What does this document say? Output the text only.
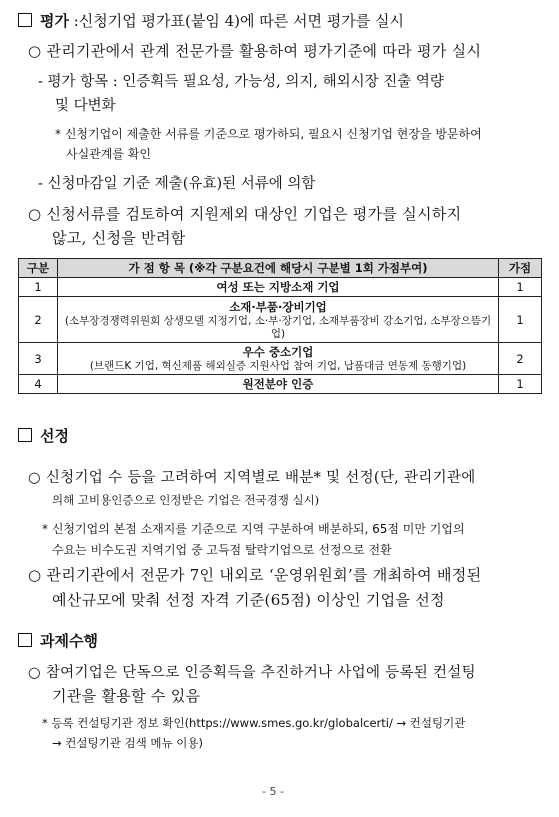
평가 :신청기업 평가표(붙임 4)에 따른 서면 평가를 실시
○ 관리기관에서 관계 전문가를 활용하여 평가기준에 따라 평가 실시
- 평가 항목 : 인증획득 필요성, 가능성, 의지, 해외시장 진출 역량
및 다변화
* 신청기업이 제출한 서류를 기준으로 평가하되, 필요시 신청기업 현장을 방문하여
사실관계를 확인
- 신청마감일 기준 제출(유효)된 서류에 의함
○ 신청서류를 검토하여 지원제외 대상인 기업은 평가를 실시하지
않고, 신청을 반려함
구분	가 점 항 목 (※각 구분요건에 해당시 구분별 1회 가점부여)	가점
1	여성 또는 지방소재 기업	1
2	소재·부품·장비기업
(소부장경쟁력위원회 상생모델 지정기업, 소·부·장기업, 소재부품장비 강소기업, 소부장으뜸기업)	1
3	우수 중소기업
(브랜드K 기업, 혁신제품 해외실증 지원사업 참여 기업, 납품대금 연동제 동행기업)	2
4	원전분야 인증	1
선정
○ 신청기업 수 등을 고려하여 지역별로 배분* 및 선정(단, 관리기관에
의해 고비용인증으로 인정받은 기업은 전국경쟁 실시)
* 신청기업의 본점 소재지를 기준으로 지역 구분하여 배분하되, 65점 미만 기업의
수요는 비수도권 지역기업 중 고득점 탈락기업으로 선정으로 전환
○ 관리기관에서 전문가 7인 내외로 ‘운영위원회’를 개최하여 배정된
예산규모에 맞춰 선정 자격 기준(65점) 이상인 기업을 선정
과제수행
○ 참여기업은 단독으로 인증획득을 추진하거나 사업에 등록된 컨설팅
기관을 활용할 수 있음
* 등록 컨설팅기관 정보 확인(https://www.smes.go.kr/globalcerti/ → 컨설팅기관
→ 컨설팅기관 검색 메뉴 이용)
- 5 -
